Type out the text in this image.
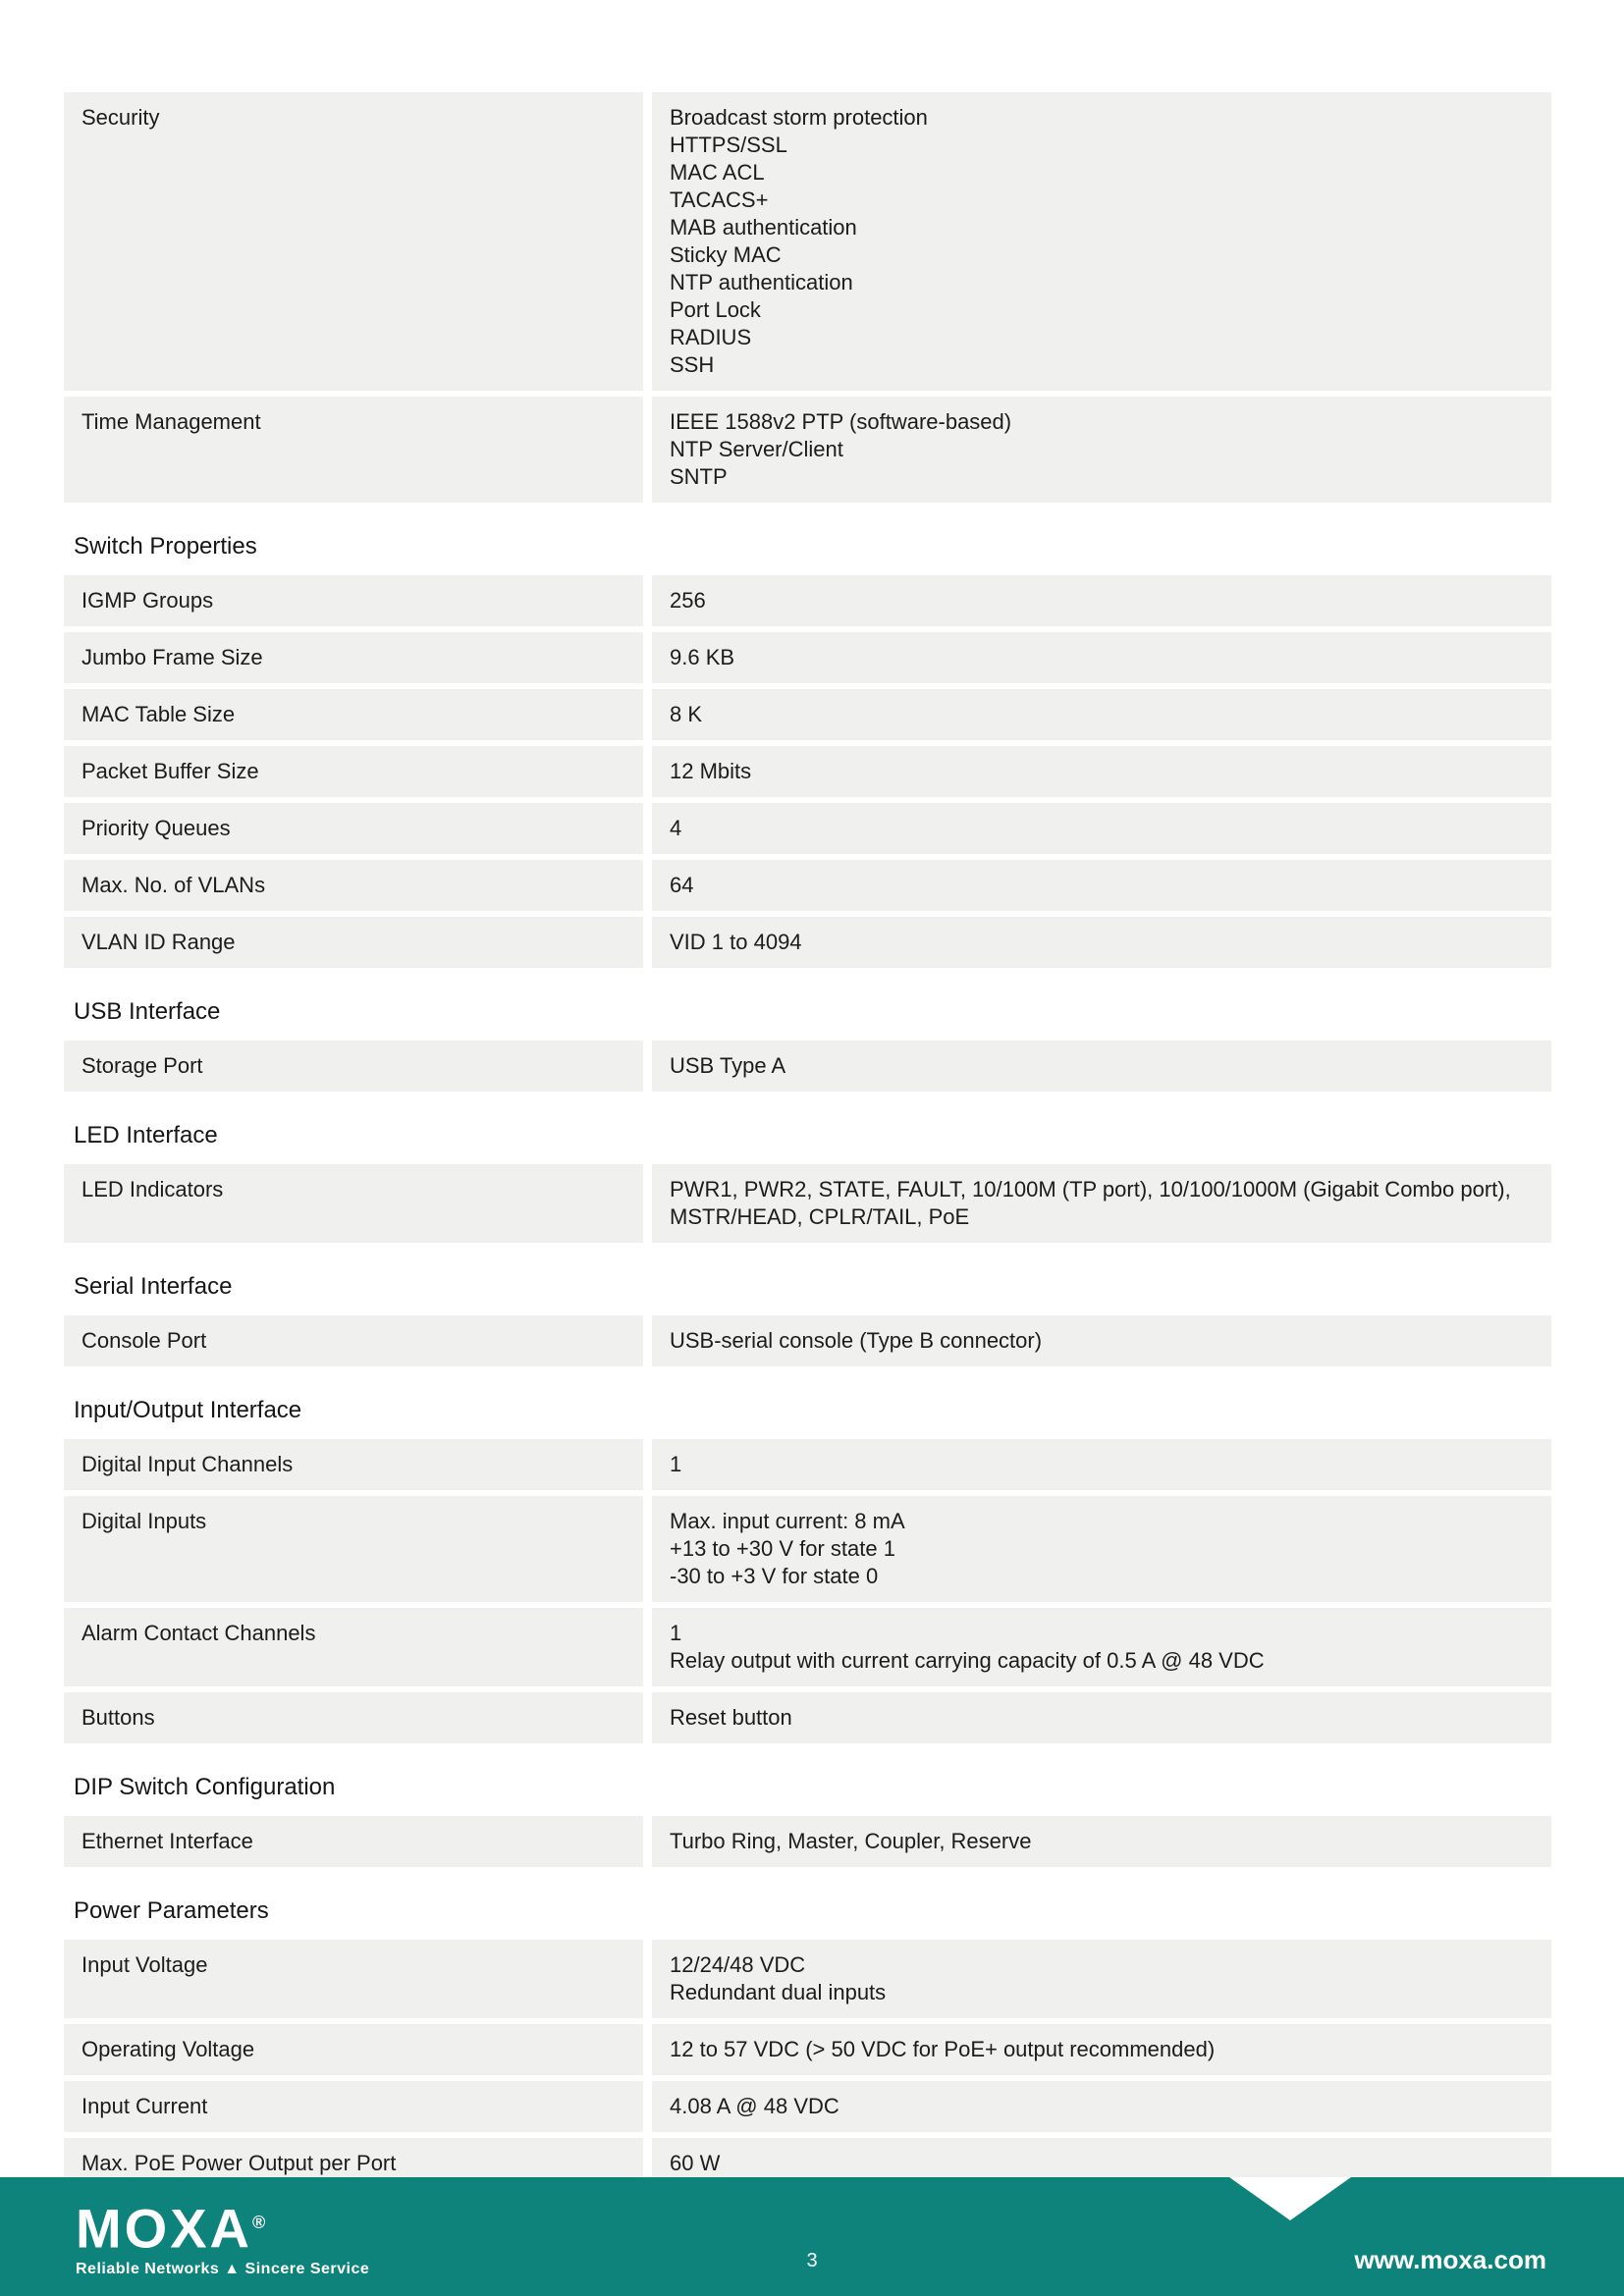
Security	Broadcast storm protection
HTTPS/SSL
MAC ACL
TACACS+
MAB authentication
Sticky MAC
NTP authentication
Port Lock
RADIUS
SSH
Time Management	IEEE 1588v2 PTP (software-based)
NTP Server/Client
SNTP
Switch Properties
IGMP Groups	256
Jumbo Frame Size	9.6 KB
MAC Table Size	8 K
Packet Buffer Size	12 Mbits
Priority Queues	4
Max. No. of VLANs	64
VLAN ID Range	VID 1 to 4094
USB Interface
Storage Port	USB Type A
LED Interface
LED Indicators	PWR1, PWR2, STATE, FAULT, 10/100M (TP port), 10/100/1000M (Gigabit Combo port),
MSTR/HEAD, CPLR/TAIL, PoE
Serial Interface
Console Port	USB-serial console (Type B connector)
Input/Output Interface
Digital Input Channels	1
Digital Inputs	Max. input current: 8 mA
+13 to +30 V for state 1
-30 to +3 V for state 0
Alarm Contact Channels	1
Relay output with current carrying capacity of 0.5 A @ 48 VDC
Buttons	Reset button
DIP Switch Configuration
Ethernet Interface	Turbo Ring, Master, Coupler, Reserve
Power Parameters
Input Voltage	12/24/48 VDC
Redundant dual inputs
Operating Voltage	12 to 57 VDC (> 50 VDC for PoE+ output recommended)
Input Current	4.08 A @ 48 VDC
Max. PoE Power Output per Port	60 W
MOXA®
Reliable Networks ▲ Sincere Service	3	www.moxa.com
